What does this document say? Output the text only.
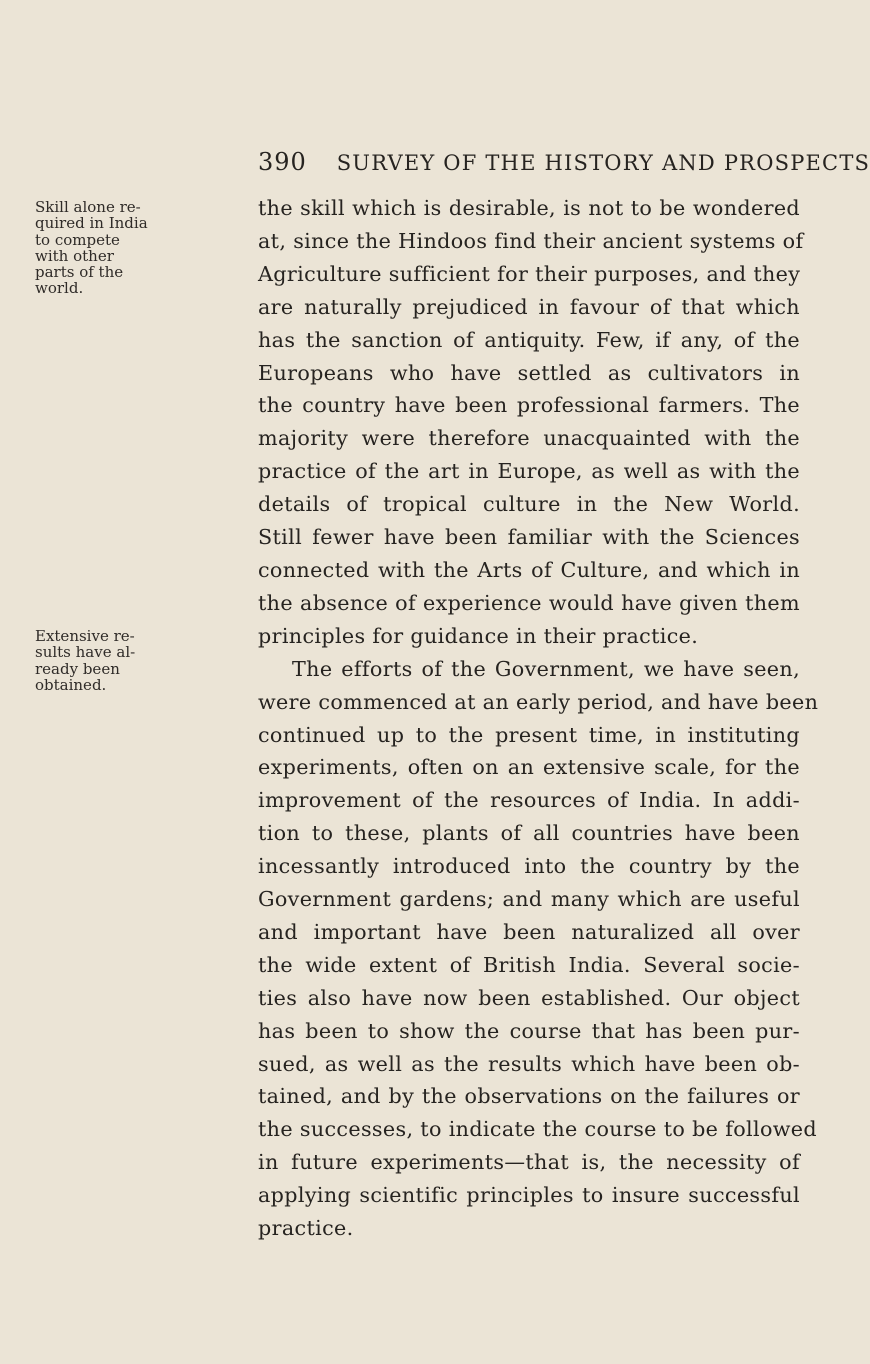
390 SURVEY OF THE HISTORY AND PROSPECTS
Skill alone re-
quired in India
to compete
with other
parts of the
world.
Extensive re-
sults have al-
ready been
obtained.
the skill which is desirable, is not to be wondered
at, since the Hindoos find their ancient systems of
Agriculture sufficient for their purposes, and they
are naturally prejudiced in favour of that which
has the sanction of antiquity. Few, if any, of the
Europeans who have settled as cultivators in
the country have been professional farmers. The
majority were therefore unacquainted with the
practice of the art in Europe, as well as with the
details of tropical culture in the New World.
Still fewer have been familiar with the Sciences
connected with the Arts of Culture, and which in
the absence of experience would have given them
principles for guidance in their practice.
The efforts of the Government, we have seen,
were commenced at an early period, and have been
continued up to the present time, in instituting
experiments, often on an extensive scale, for the
improvement of the resources of India. In addi-
tion to these, plants of all countries have been
incessantly introduced into the country by the
Government gardens; and many which are useful
and important have been naturalized all over
the wide extent of British India. Several socie-
ties also have now been established. Our object
has been to show the course that has been pur-
sued, as well as the results which have been ob-
tained, and by the observations on the failures or
the successes, to indicate the course to be followed
in future experiments—that is, the necessity of
applying scientific principles to insure successful
practice.
